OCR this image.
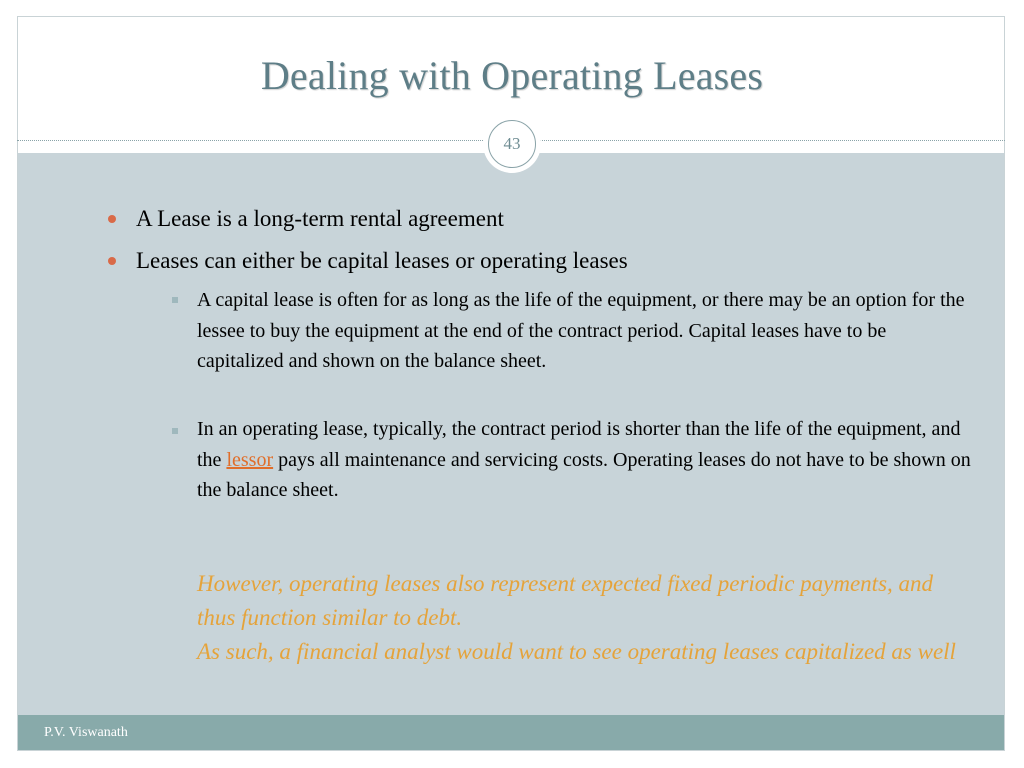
Dealing with Operating Leases
43
A Lease is a long-term rental agreement
Leases can either be capital leases or operating leases
A capital lease is often for as long as the life of the equipment, or there may be an option for the lessee to buy the equipment at the end of the contract period. Capital leases have to be capitalized and shown on the balance sheet.
In an operating lease, typically, the contract period is shorter than the life of the equipment, and the lessor pays all maintenance and servicing costs. Operating leases do not have to be shown on the balance sheet.
However, operating leases also represent expected fixed periodic payments, and thus function similar to debt.
As such, a financial analyst would want to see operating leases capitalized as well
P.V. Viswanath
